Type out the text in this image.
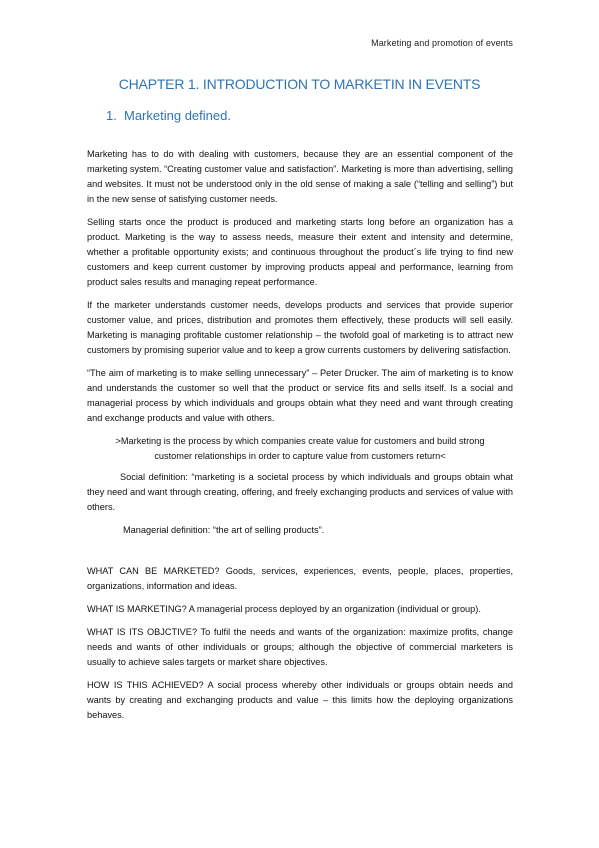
Marketing and promotion of events
CHAPTER 1. INTRODUCTION TO MARKETIN IN EVENTS
1. Marketing defined.

Marketing has to do with dealing with customers, because they are an essential component of the marketing system. “Creating customer value and satisfaction”. Marketing is more than advertising, selling and websites. It must not be understood only in the old sense of making a sale (“telling and selling”) but in the new sense of satisfying customer needs.

Selling starts once the product is produced and marketing starts long before an organization has a product. Marketing is the way to assess needs, measure their extent and intensity and determine, whether a profitable opportunity exists; and continuous throughout the product´s life trying to find new customers and keep current customer by improving products appeal and performance, learning from product sales results and managing repeat performance.

If the marketer understands customer needs, develops products and services that provide superior customer value, and prices, distribution and promotes them effectively, these products will sell easily. Marketing is managing profitable customer relationship – the twofold goal of marketing is to attract new customers by promising superior value and to keep a grow currents customers by delivering satisfaction.

“The aim of marketing is to make selling unnecessary” – Peter Drucker. The aim of marketing is to know and understands the customer so well that the product or service fits and sells itself. Is a social and managerial process by which individuals and groups obtain what they need and want through creating and exchange products and value with others.

>Marketing is the process by which companies create value for customers and build strong customer relationships in order to capture value from customers return<

Social definition: “marketing is a societal process by which individuals and groups obtain what they need and want through creating, offering, and freely exchanging products and services of value with others.

Managerial definition: “the art of selling products”.

WHAT CAN BE MARKETED? Goods, services, experiences, events, people, places, properties, organizations, information and ideas.

WHAT IS MARKETING? A managerial process deployed by an organization (individual or group).

WHAT IS ITS OBJCTIVE? To fulfil the needs and wants of the organization: maximize profits, change needs and wants of other individuals or groups; although the objective of commercial marketers is usually to achieve sales targets or market share objectives.

HOW IS THIS ACHIEVED? A social process whereby other individuals or groups obtain needs and wants by creating and exchanging products and value – this limits how the deploying organizations behaves.
